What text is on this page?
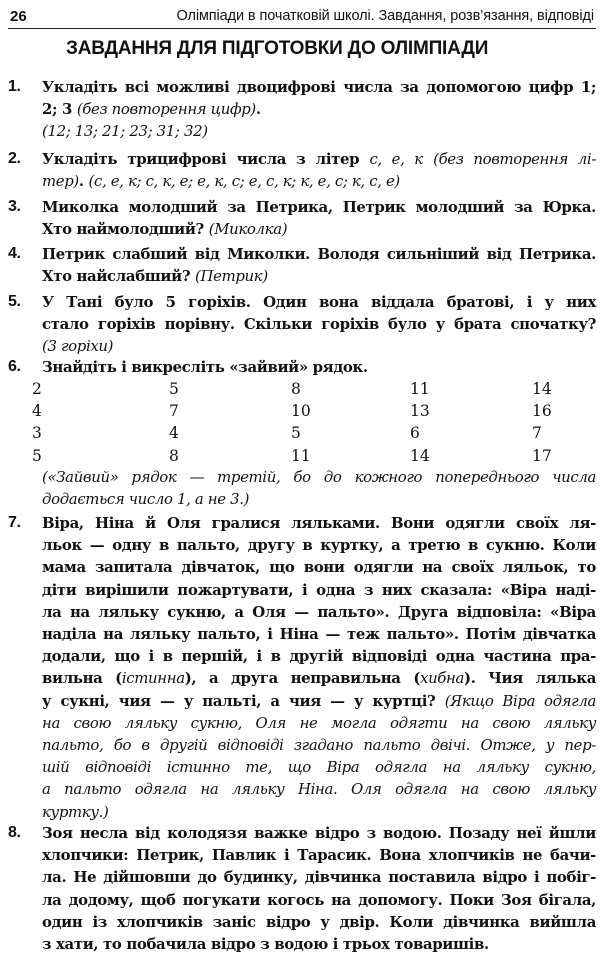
26	Олімпіади в початковій школі. Завдання, розв’язання, відповіді
ЗАВДАННЯ ДЛЯ ПІДГОТОВКИ ДО ОЛІМПІАДИ
1. Укладіть всі можливі двоцифрові числа за допомогою цифр 1;
2; 3 (без повторення цифр).
(12; 13; 21; 23; 31; 32)
2. Укладіть трицифрові числа з літер с, е, к (без повторення лі-
тер). (с, е, к; с, к, е; е, к, с; е, с, к; к, е, с; к, с, е)
3. Миколка молодший за Петрика, Петрик молодший за Юрка.
Хто наймолодший? (Миколка)
4. Петрик слабший від Миколки. Володя сильніший від Петрика.
Хто найслабший? (Петрик)
5. У Тані було 5 горіхів. Один вона віддала братові, і у них
стало горіхів порівну. Скільки горіхів було у брата спочатку?
(3 горіхи)
6. Знайдіть і викресліть «зайвий» рядок.
2	5	8	11	14
4	7	10	13	16
3	4	5	6	7
5	8	11	14	17
(«Зайвий» рядок — третій, бо до кожного попереднього числа
додається число 1, а не 3.)
7. Віра, Ніна й Оля гралися ляльками. Вони одягли своїх ля-
льок — одну в пальто, другу в куртку, а третю в сукню. Коли
мама запитала дівчаток, що вони одягли на своїх ляльок, то
діти вирішили пожартувати, і одна з них сказала: «Віра наді-
ла на ляльку сукню, а Оля — пальто». Друга відповіла: «Віра
наділа на ляльку пальто, і Ніна — теж пальто». Потім дівчатка
додали, що і в першій, і в другій відповіді одна частина пра-
вильна (істинна), а друга неправильна (хибна). Чия лялька
у сукні, чия — у пальті, а чия — у куртці? (Якщо Віра одягла
на свою ляльку сукню, Оля не могла одягти на свою ляльку
пальто, бо в другій відповіді згадано пальто двічі. Отже, у пер-
шій відповіді істинно те, що Віра одягла на ляльку сукню,
а пальто одягла на ляльку Ніна. Оля одягла на свою ляльку
куртку.)
8. Зоя несла від колодязя важке відро з водою. Позаду неї йшли
хлопчики: Петрик, Павлик і Тарасик. Вона хлопчиків не бачи-
ла. Не дійшовши до будинку, дівчинка поставила відро і побіг-
ла додому, щоб погукати когось на допомогу. Поки Зоя бігала,
один із хлопчиків заніс відро у двір. Коли дівчинка вийшла
з хати, то побачила відро з водою і трьох товаришів.
